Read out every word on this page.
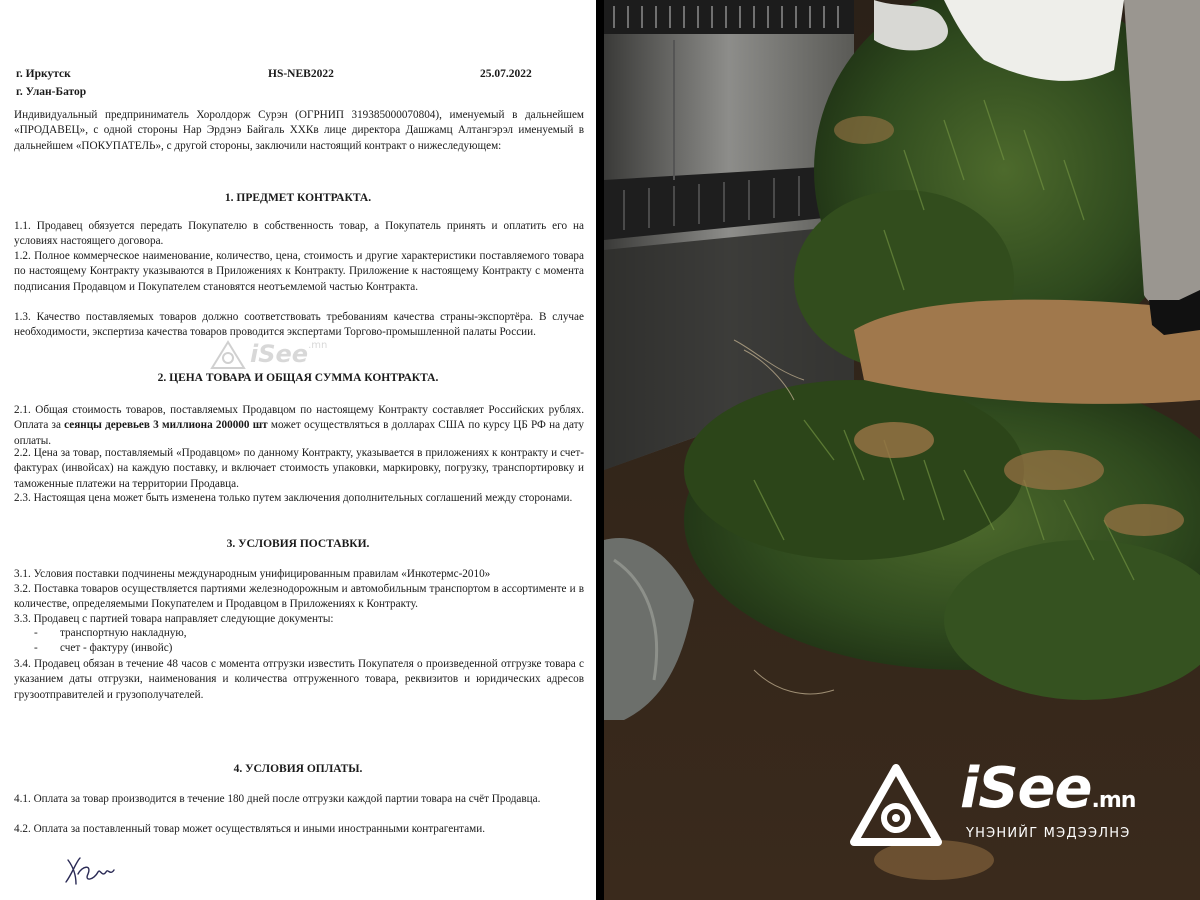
г. Иркутск
г. Улан-Батор
HS-NEB2022	25.07.2022
Индивидуальный предприниматель Хоролдорж Сурэн (ОГРНИП 319385000070804), именуемый в дальнейшем «ПРОДАВЕЦ», с одной стороны Нар Эрдэнэ Байгаль ХХКв лице директора Дашжамц Алтангэрэл именуемый в дальнейшем «ПОКУПАТЕЛЬ», с другой стороны, заключили настоящий контракт о нижеследующем:
1. ПРЕДМЕТ КОНТРАКТА.
1.1. Продавец обязуется передать Покупателю в собственность товар, а Покупатель принять и оплатить его на условиях настоящего договора.
1.2. Полное коммерческое наименование, количество, цена, стоимость и другие характеристики поставляемого товара по настоящему Контракту указываются в Приложениях к Контракту. Приложение к настоящему Контракту с момента подписания Продавцом и Покупателем становятся неотъемлемой частью Контракта.
1.3. Качество поставляемых товаров должно соответствовать требованиям качества страны-экспортёра. В случае необходимости, экспертиза качества товаров проводится экспертами Торгово-промышленной палаты России.
2. ЦЕНА ТОВАРА И ОБЩАЯ СУММА КОНТРАКТА.
2.1. Общая стоимость товаров, поставляемых Продавцом по настоящему Контракту составляет Российских рублях. Оплата за сеянцы деревьев 3 миллиона 200000 шт может осуществляться в долларах США по курсу ЦБ РФ на дату оплаты.
2.2. Цена за товар, поставляемый «Продавцом» по данному Контракту, указывается в приложениях к контракту и счет-фактурах (инвойсах) на каждую поставку, и включает стоимость упаковки, маркировку, погрузку, транспортировку и таможенные платежи на территории Продавца.
2.3. Настоящая цена может быть изменена только путем заключения дополнительных соглашений между сторонами.
3. УСЛОВИЯ ПОСТАВКИ.
3.1. Условия поставки подчинены международным унифицированным правилам «Инкотермс-2010»
3.2. Поставка товаров осуществляется партиями железнодорожным и автомобильным транспортом в ассортименте и в количестве, определяемыми Покупателем и Продавцом в Приложениях к Контракту.
3.3. Продавец с партией товара направляет следующие документы:
- транспортную накладную,
- счет - фактуру (инвойс)
3.4. Продавец обязан в течение 48 часов с момента отгрузки известить Покупателя о произведенной отгрузке товара с указанием даты отгрузки, наименования и количества отгруженного товара, реквизитов и юридических адресов грузоотправителей и грузополучателей.
4. УСЛОВИЯ ОПЛАТЫ.
4.1. Оплата за товар производится в течение 180 дней после отгрузки каждой партии товара на счёт Продавца.
4.2. Оплата за поставленный товар может осуществляться и иными иностранными контрагентами.
iSee$^{.mn}$
iSee.mn
ҮНЭНИЙГ МЭДЭЭЛНЭ
